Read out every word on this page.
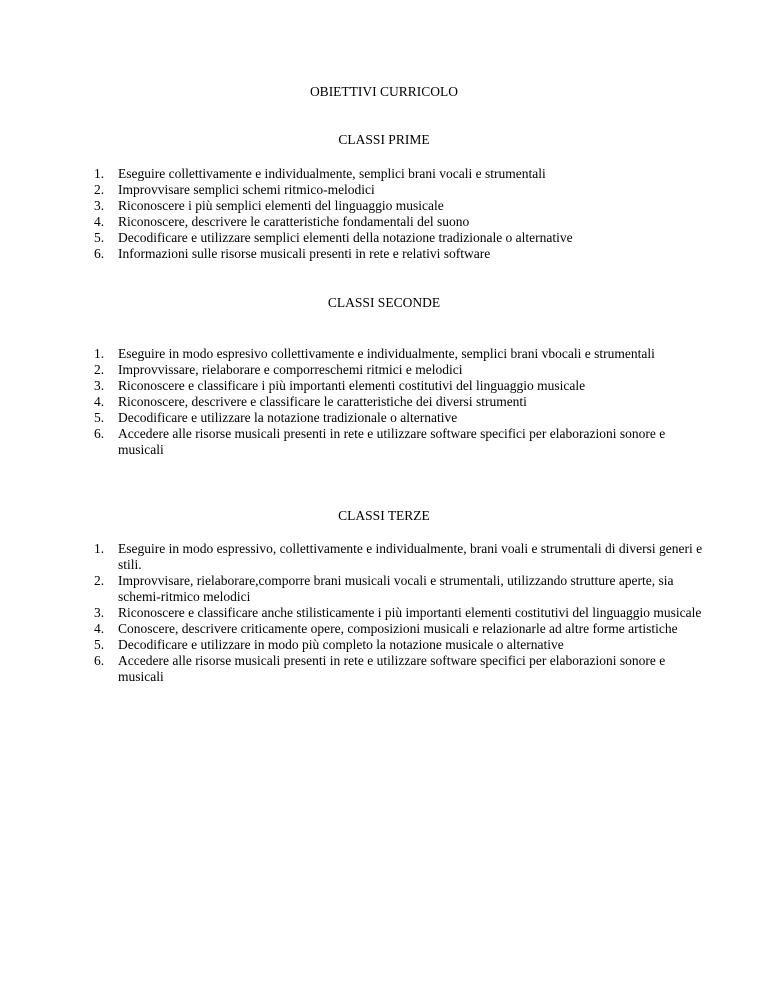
OBIETTIVI CURRICOLO
CLASSI PRIME
1. Eseguire collettivamente e individualmente, semplici brani vocali e strumentali
2. Improvvisare semplici schemi ritmico-melodici
3. Riconoscere i più semplici elementi del linguaggio musicale
4. Riconoscere, descrivere le caratteristiche fondamentali del suono
5. Decodificare e utilizzare semplici elementi della notazione tradizionale o alternative
6. Informazioni sulle risorse musicali presenti in rete e relativi software
CLASSI SECONDE
1. Eseguire in modo espresivo collettivamente e individualmente, semplici brani vbocali e strumentali
2. Improvvissare, rielaborare e comporreschemi ritmici e melodici
3. Riconoscere e classificare i più importanti elementi costitutivi del linguaggio musicale
4. Riconoscere, descrivere e classificare le caratteristiche dei diversi strumenti
5. Decodificare e utilizzare la notazione tradizionale o alternative
6. Accedere alle risorse musicali presenti in rete e utilizzare software specifici per elaborazioni sonore e musicali
CLASSI TERZE
1. Eseguire in modo espressivo, collettivamente e individualmente, brani voali e strumentali di diversi generi e stili.
2. Improvvisare, rielaborare,comporre brani musicali vocali e strumentali, utilizzando strutture aperte, sia schemi-ritmico melodici
3. Riconoscere e classificare anche stilisticamente i più importanti elementi costitutivi del linguaggio musicale
4. Conoscere, descrivere criticamente opere, composizioni musicali e relazionarle ad altre forme artistiche
5. Decodificare e utilizzare in modo più completo la notazione musicale o alternative
6. Accedere alle risorse musicali presenti in rete e utilizzare software specifici per elaborazioni sonore e musicali
